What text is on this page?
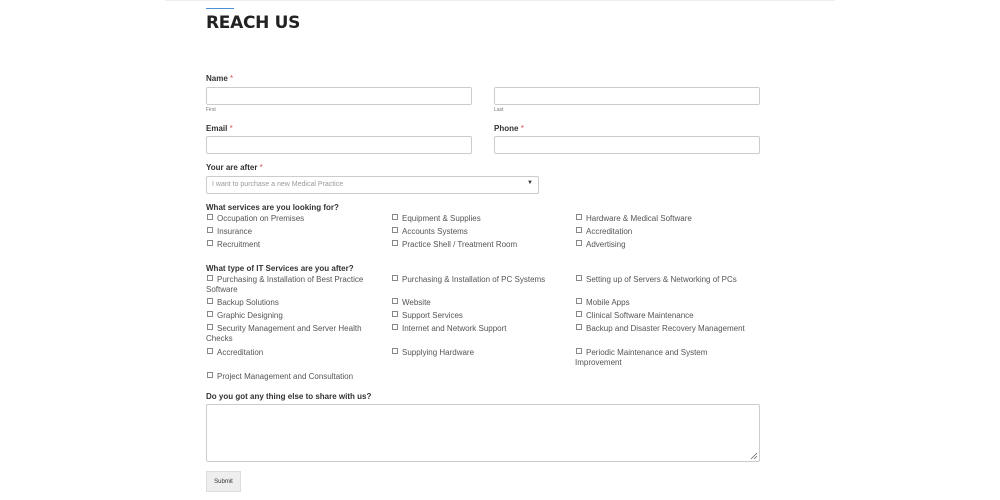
REACH US
Name *
First	Last
Email *	Phone *
Your are after *
I want to purchase a new Medical Practice	▼
What services are you looking for?
Occupation on Premises	Equipment & Supplies	Hardware & Medical Software
Insurance	Accounts Systems	Accreditation
Recruitment	Practice Shell / Treatment Room	Advertising
What type of IT Services are you after?
Purchasing & Installation of Best Practice Software
Purchasing & Installation of PC Systems	Setting up of Servers & Networking of PCs
Backup Solutions	Website	Mobile Apps
Graphic Designing	Support Services	Clinical Software Maintenance
Security Management and Server Health Checks
Internet and Network Support	Backup and Disaster Recovery Management
Accreditation	Supplying Hardware	Periodic Maintenance and System Improvement
Project Management and Consultation
Do you got any thing else to share with us?
Submit
